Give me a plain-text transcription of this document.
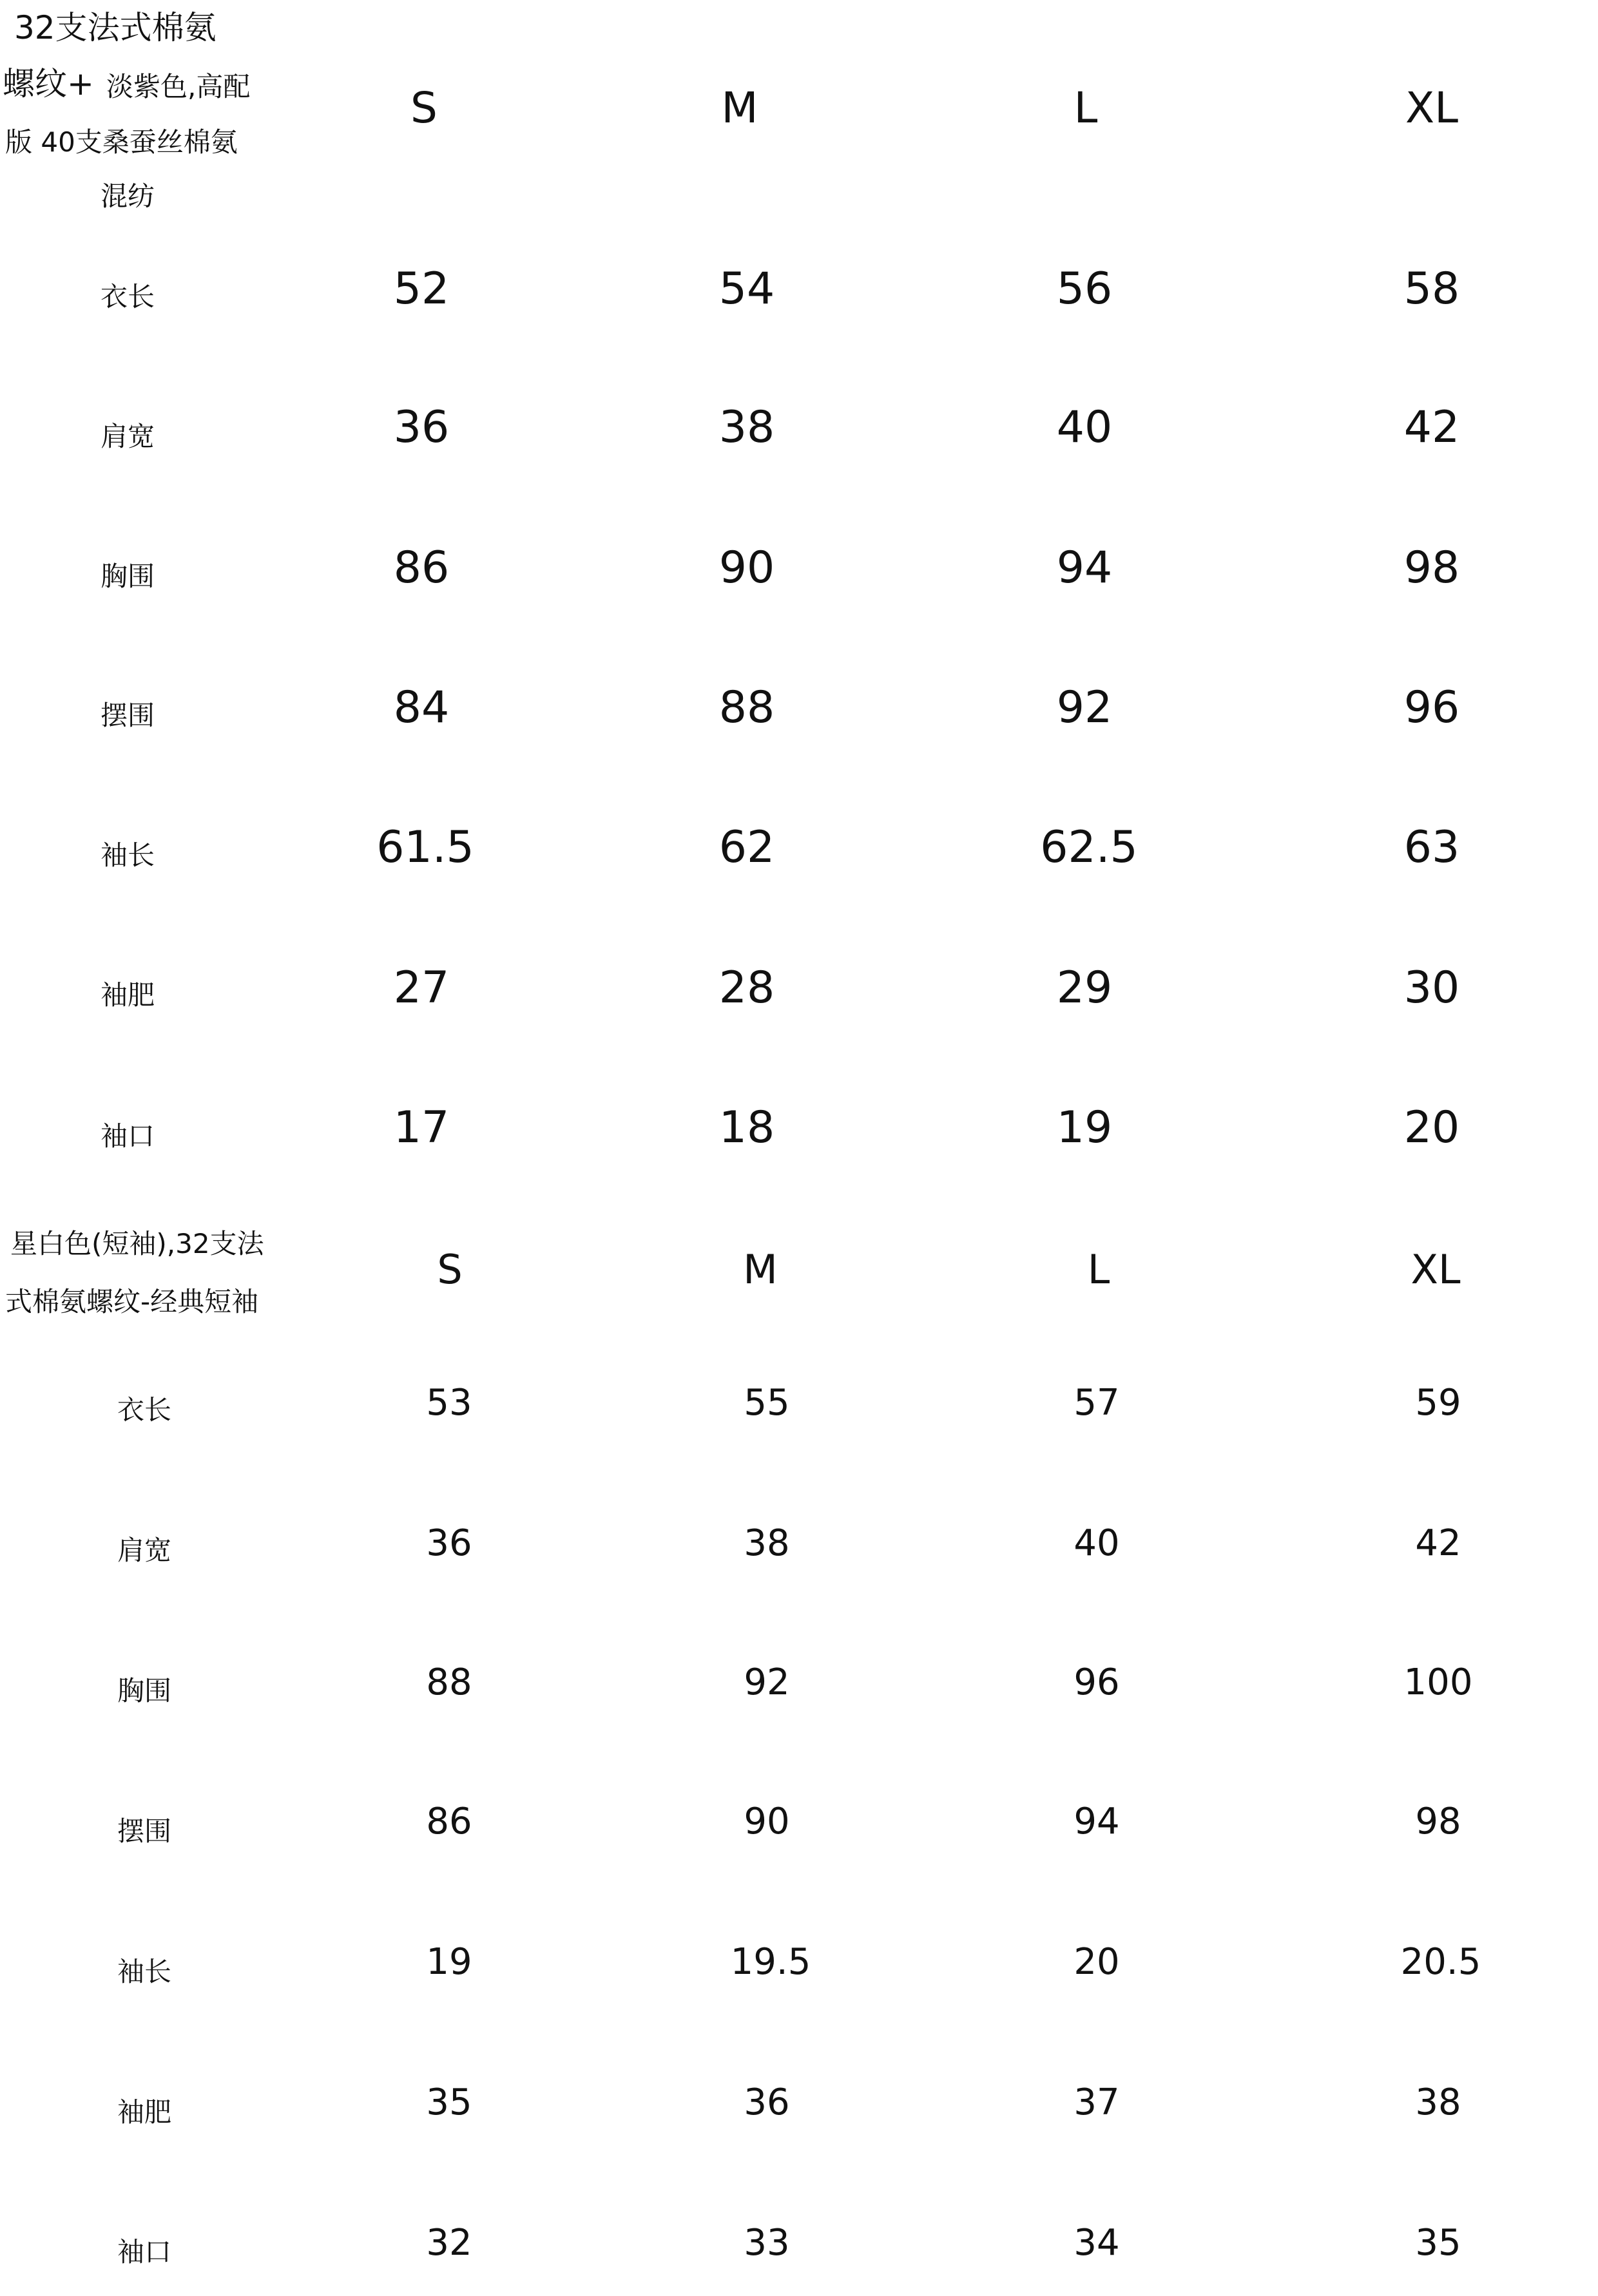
32支法式棉氨
螺纹+ 淡紫色,高配
版 40支桑蚕丝棉氨
混纺
S	M	L	XL
衣长	52	54	56	58
肩宽	36	38	40	42
胸围	86	90	94	98
摆围	84	88	92	96
袖长	61.5	62	62.5	63
袖肥	27	28	29	30
袖口	17	18	19	20
星白色(短袖),32支法
式棉氨螺纹-经典短袖
S	M	L	XL
衣长	53	55	57	59
肩宽	36	38	40	42
胸围	88	92	96	100
摆围	86	90	94	98
袖长	19	19.5	20	20.5
袖肥	35	36	37	38
袖口	32	33	34	35
